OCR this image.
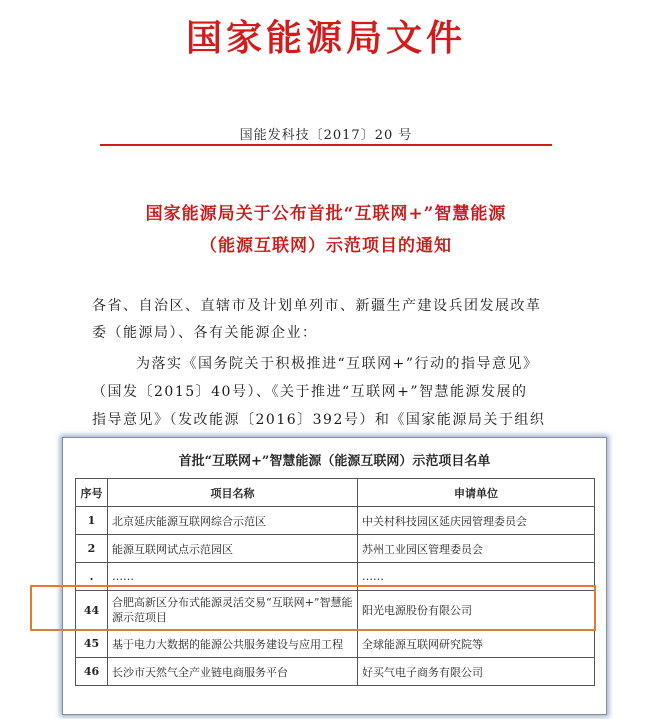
国家能源局文件
国能发科技〔2017〕20 号
国家能源局关于公布首批“互联网+”智慧能源
（能源互联网）示范项目的通知
各省、自治区、直辖市及计划单列市、新疆生产建设兵团发展改革
委（能源局）、各有关能源企业：
为落实《国务院关于积极推进“互联网+”行动的指导意见》
（国发〔2015〕40号）、《关于推进“互联网+”智慧能源发展的
指导意见》（发改能源〔2016〕392号）和《国家能源局关于组织
首批“互联网+”智慧能源（能源互联网）示范项目名单
序号	项目名称	申请单位
1	北京延庆能源互联网综合示范区	中关村科技园区延庆园管理委员会
2	能源互联网试点示范园区	苏州工业园区管理委员会
.	……	……
44	合肥高新区分布式能源灵活交易“互联网+”智慧能源示范项目	阳光电源股份有限公司
45	基于电力大数据的能源公共服务建设与应用工程	全球能源互联网研究院等
46	长沙市天然气全产业链电商服务平台	好买气电子商务有限公司
